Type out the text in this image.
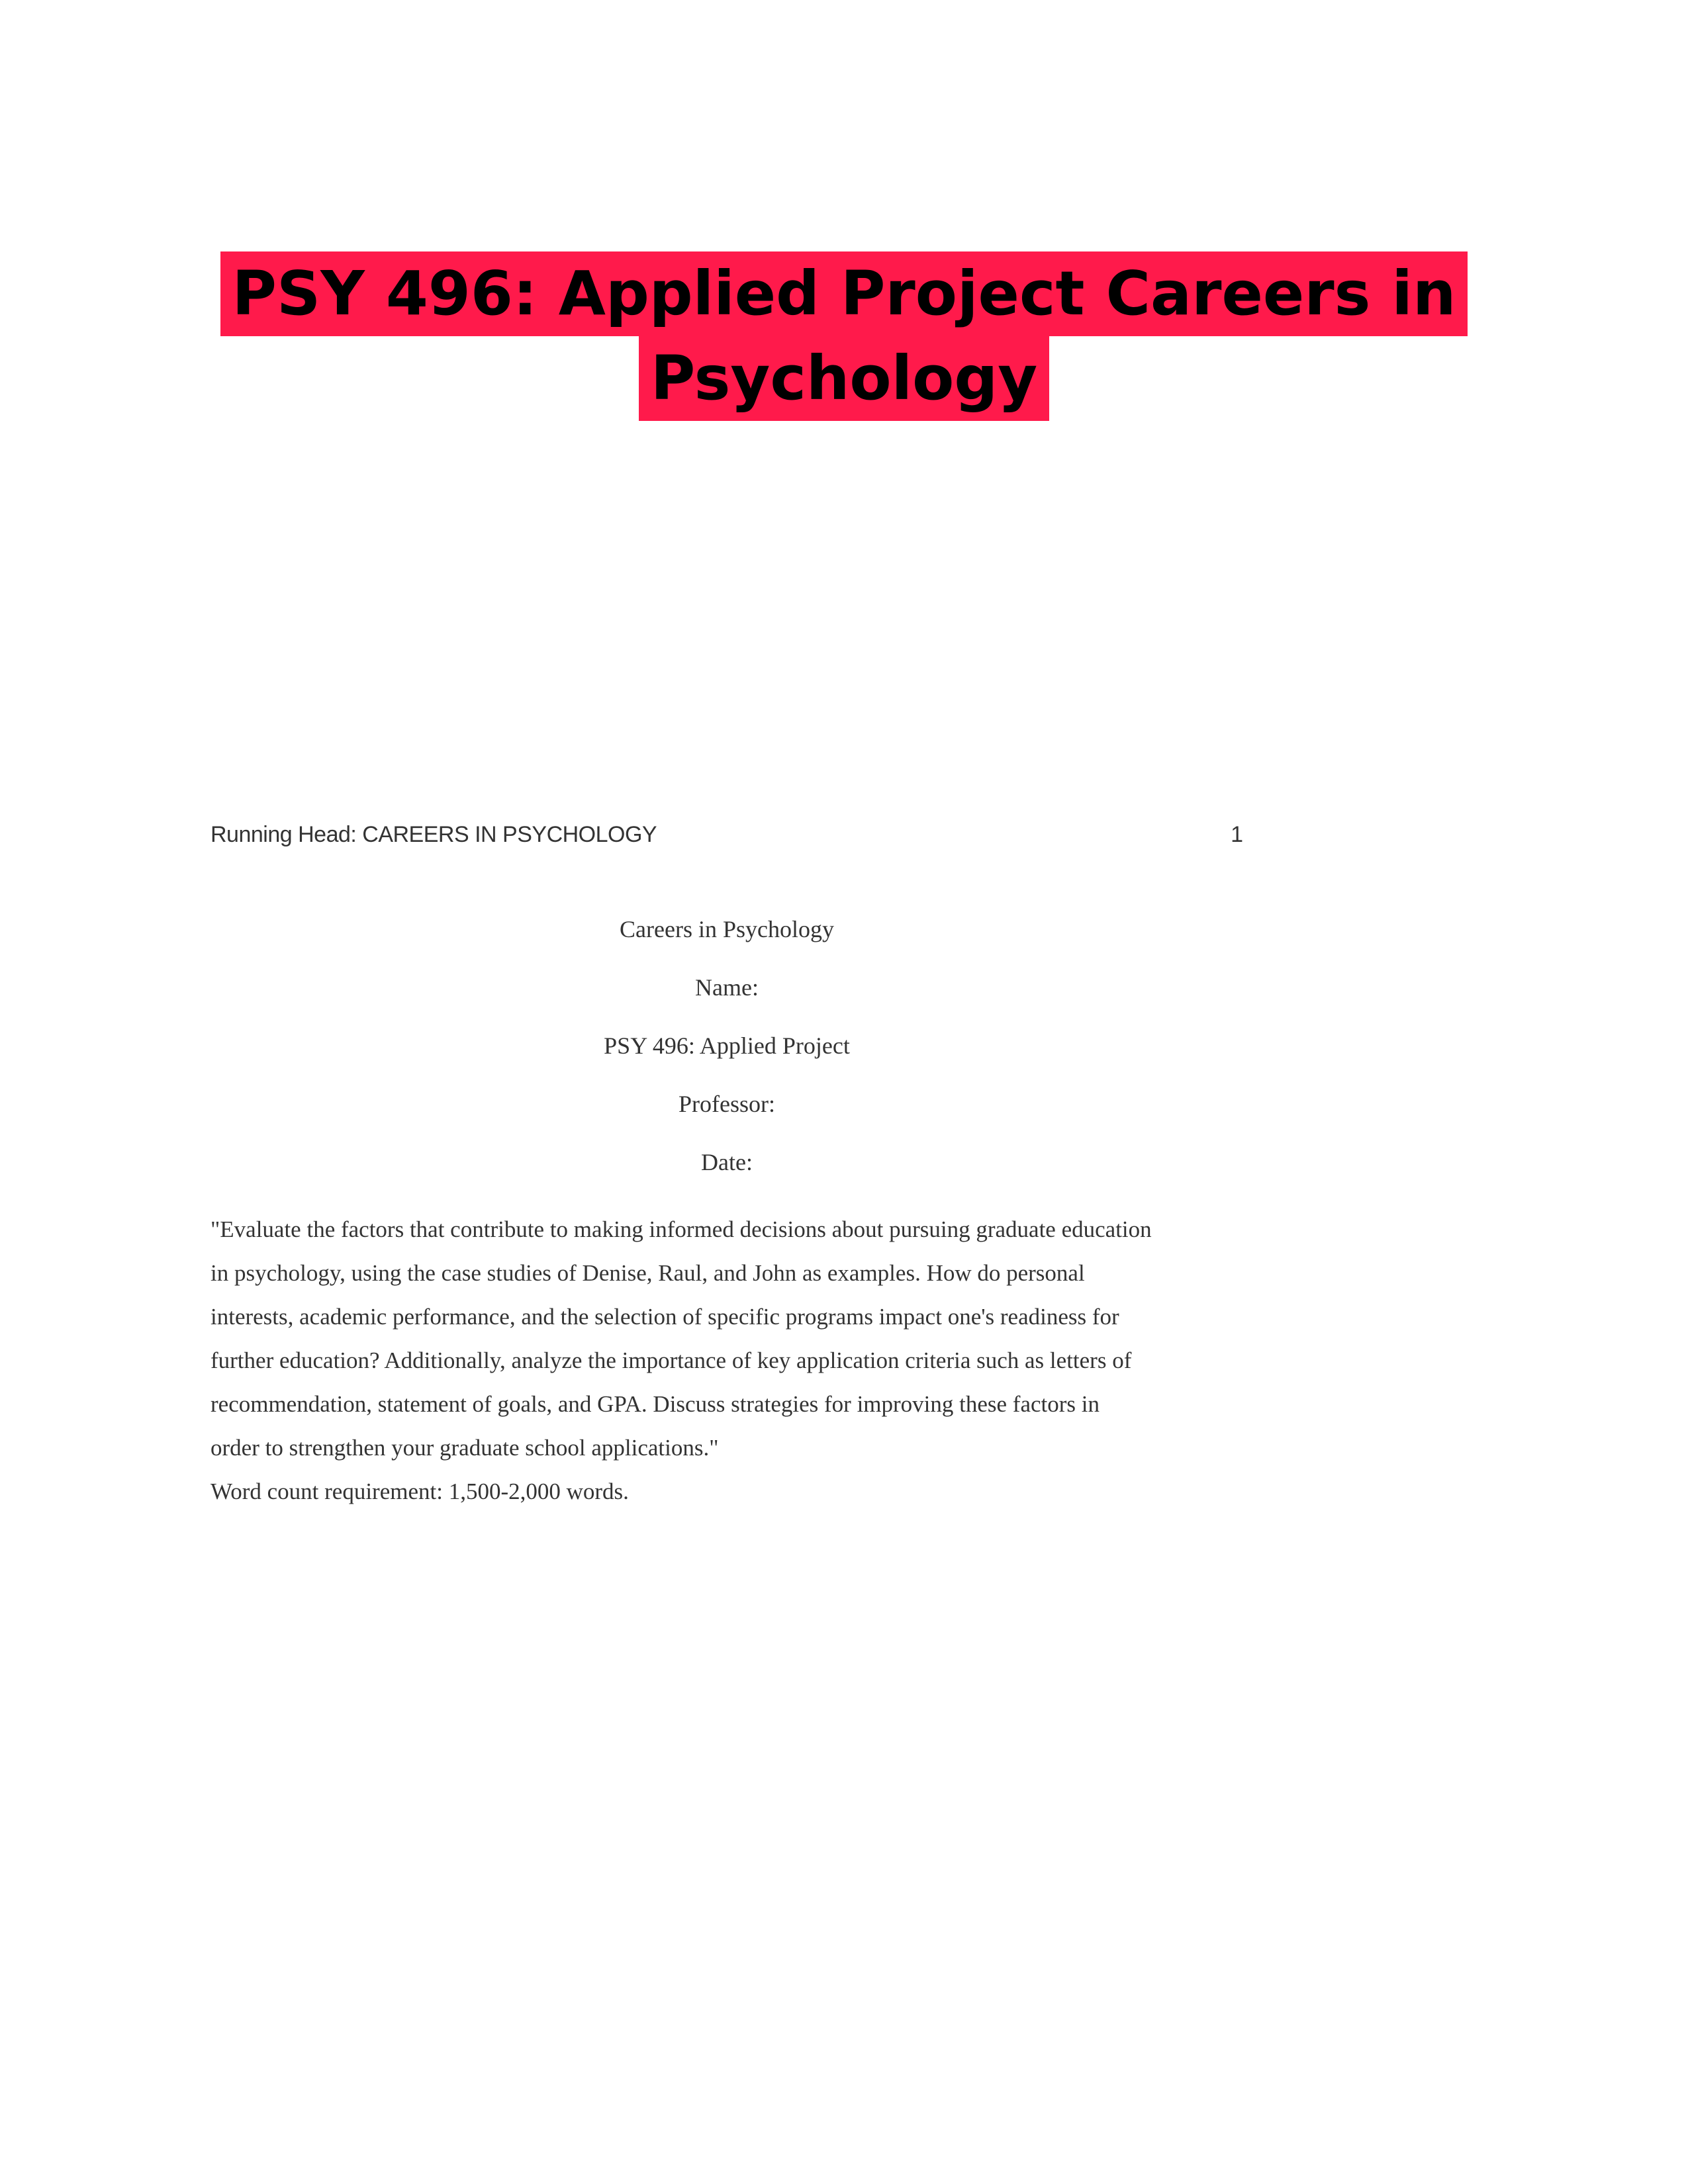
PSY 496: Applied Project Careers in
Psychology
Running Head: CAREERS IN PSYCHOLOGY	1
Careers in Psychology
Name:
PSY 496: Applied Project
Professor:
Date:
"Evaluate the factors that contribute to making informed decisions about pursuing graduate education
in psychology, using the case studies of Denise, Raul, and John as examples. How do personal
interests, academic performance, and the selection of specific programs impact one's readiness for
further education? Additionally, analyze the importance of key application criteria such as letters of
recommendation, statement of goals, and GPA. Discuss strategies for improving these factors in
order to strengthen your graduate school applications."
Word count requirement: 1,500-2,000 words.
